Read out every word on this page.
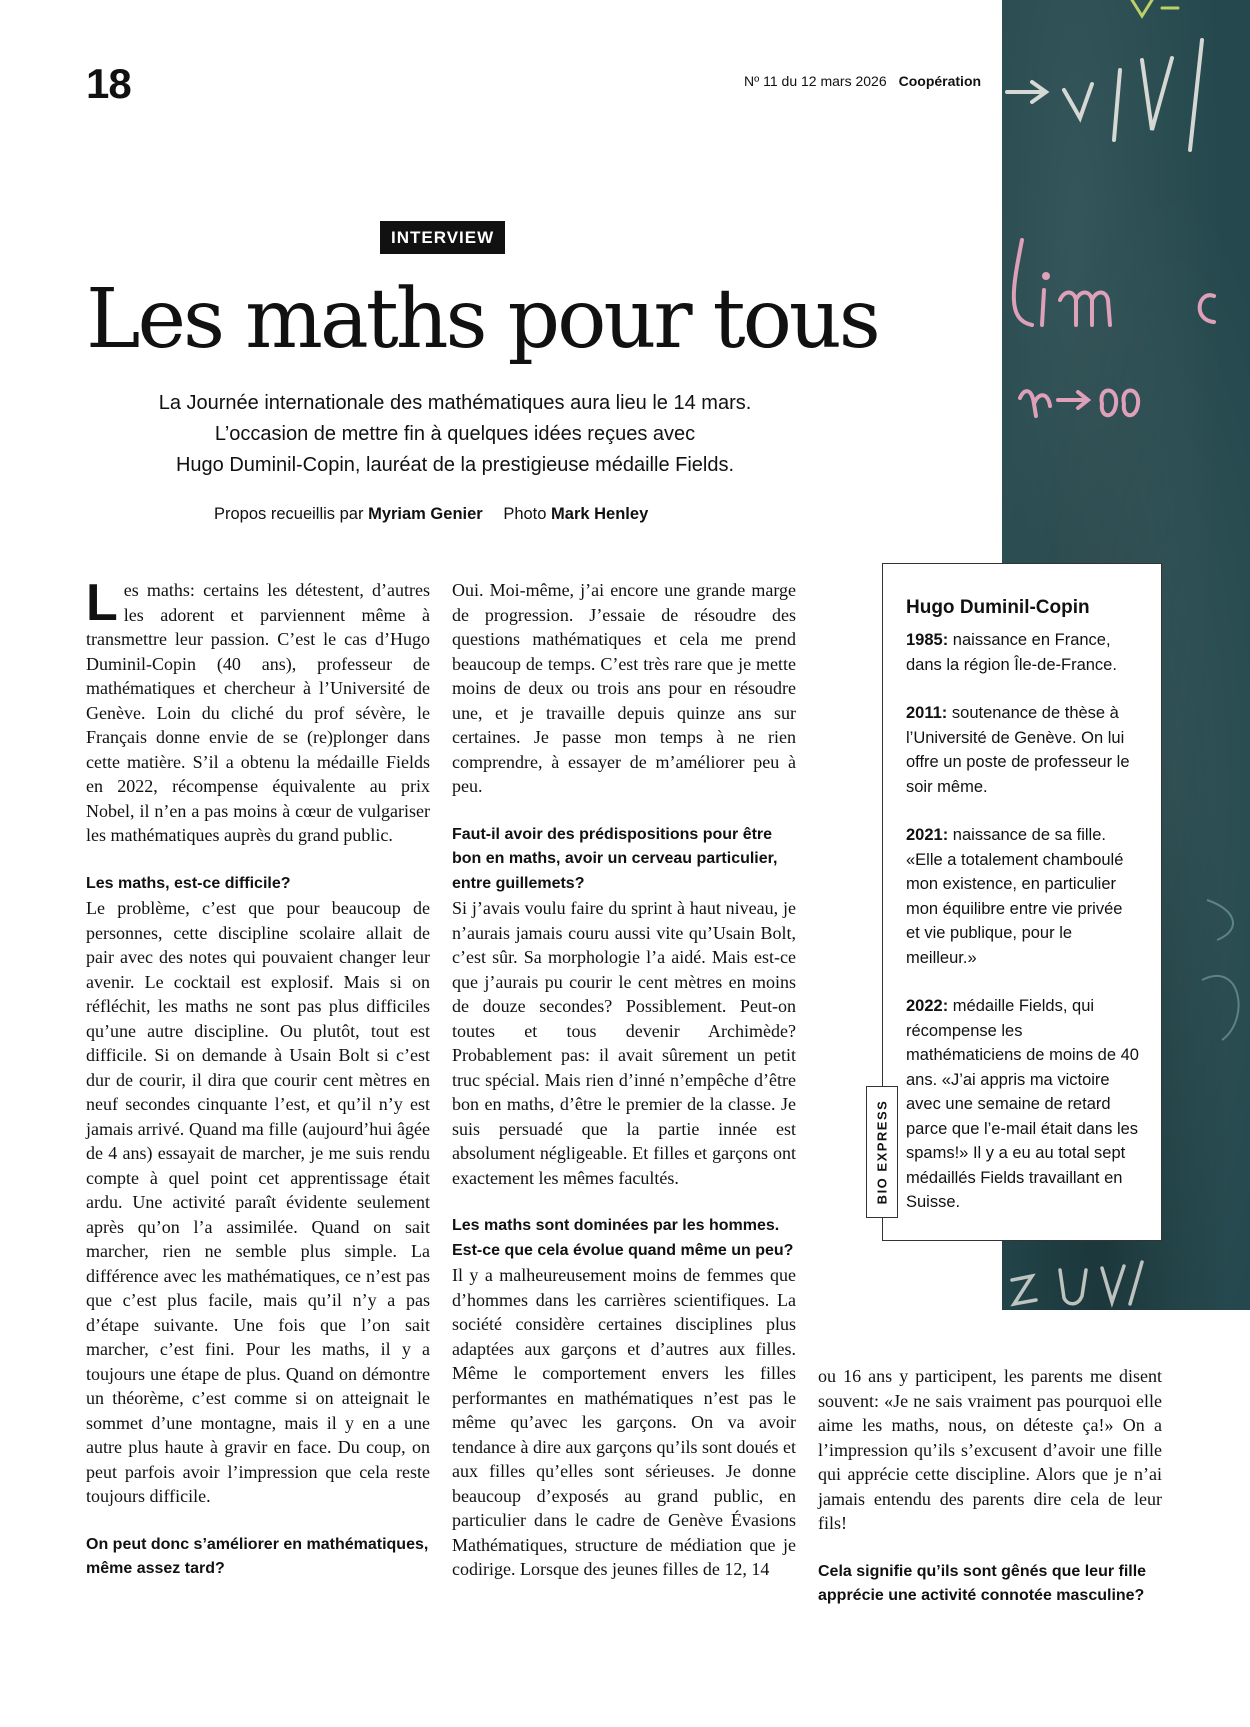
18	Nº 11 du 12 mars 2026 Coopération
INTERVIEW
Les maths pour tous
La Journée internationale des mathématiques aura lieu le 14 mars.
L’occasion de mettre fin à quelques idées reçues avec
Hugo Duminil-Copin, lauréat de la prestigieuse médaille Fields.
Propos recueillis par Myriam Genier Photo Mark Henley

Les maths: certains les détestent, d’autres les adorent et parviennent même à transmettre leur passion. C’est le cas d’Hugo Duminil-Copin (40 ans), professeur de mathématiques et chercheur à l’Université de Genève. Loin du cliché du prof sévère, le Français donne envie de se (re)plonger dans cette matière. S’il a obtenu la médaille Fields en 2022, récompense équivalente au prix Nobel, il n’en a pas moins à cœur de vulgariser les mathématiques auprès du grand public.

Les maths, est-ce difficile?

Le problème, c’est que pour beaucoup de personnes, cette discipline scolaire allait de pair avec des notes qui pouvaient changer leur avenir. Le cocktail est explosif. Mais si on réfléchit, les maths ne sont pas plus difficiles qu’une autre discipline. Ou plutôt, tout est difficile. Si on demande à Usain Bolt si c’est dur de courir, il dira que courir cent mètres en neuf secondes cinquante l’est, et qu’il n’y est jamais arrivé. Quand ma fille (aujourd’hui âgée de 4 ans) essayait de marcher, je me suis rendu compte à quel point cet apprentissage était ardu. Une activité paraît évidente seulement après qu’on l’a assimilée. Quand on sait marcher, rien ne semble plus simple. La différence avec les mathématiques, ce n’est pas que c’est plus facile, mais qu’il n’y a pas d’étape suivante. Une fois que l’on sait marcher, c’est fini. Pour les maths, il y a toujours une étape de plus. Quand on démontre un théorème, c’est comme si on atteignait le sommet d’une montagne, mais il y en a une autre plus haute à gravir en face. Du coup, on peut parfois avoir l’impression que cela reste toujours difficile.

On peut donc s’améliorer en mathématiques, même assez tard?

Oui. Moi-même, j’ai encore une grande marge de progression. J’essaie de résoudre des questions mathématiques et cela me prend beaucoup de temps. C’est très rare que je mette moins de deux ou trois ans pour en résoudre une, et je travaille depuis quinze ans sur certaines. Je passe mon temps à ne rien comprendre, à essayer de m’améliorer peu à peu.

Faut-il avoir des prédispositions pour être bon en maths, avoir un cerveau particulier, entre guillemets?

Si j’avais voulu faire du sprint à haut niveau, je n’aurais jamais couru aussi vite qu’Usain Bolt, c’est sûr. Sa morphologie l’a aidé. Mais est-ce que j’aurais pu courir le cent mètres en moins de douze secondes? Possiblement. Peut-on toutes et tous devenir Archimède? Probablement pas: il avait sûrement un petit truc spécial. Mais rien d’inné n’empêche d’être bon en maths, d’être le premier de la classe. Je suis persuadé que la partie innée est absolument négligeable. Et filles et garçons ont exactement les mêmes facultés.

Les maths sont dominées par les hommes. Est-ce que cela évolue quand même un peu?

Il y a malheureusement moins de femmes que d’hommes dans les carrières scientifiques. La société considère certaines disciplines plus adaptées aux garçons et d’autres aux filles. Même le comportement envers les filles performantes en mathématiques n’est pas le même qu’avec les garçons. On va avoir tendance à dire aux garçons qu’ils sont doués et aux filles qu’elles sont sérieuses. Je donne beaucoup d’exposés au grand public, en particulier dans le cadre de Genève Évasions Mathématiques, structure de médiation que je codirige. Lorsque des jeunes filles de 12, 14

ou 16 ans y participent, les parents me disent souvent: «Je ne sais vraiment pas pourquoi elle aime les maths, nous, on déteste ça!» On a l’impression qu’ils s’excusent d’avoir une fille qui apprécie cette discipline. Alors que je n’ai jamais entendu des parents dire cela de leur fils!

Cela signifie qu’ils sont gênés que leur fille apprécie une activité connotée masculine?

Hugo Duminil-Copin
1985: naissance en France, dans la région Île-de-France.
2011: soutenance de thèse à l’Université de Genève. On lui offre un poste de professeur le soir même.
2021: naissance de sa fille. «Elle a totalement chamboulé mon existence, en particulier mon équilibre entre vie privée et vie publique, pour le meilleur.»
2022: médaille Fields, qui récompense les mathématiciens de moins de 40 ans. «J’ai appris ma victoire avec une semaine de retard parce que l’e-mail était dans les spams!» Il y a eu au total sept médaillés Fields travaillant en Suisse.
BIO EXPRESS
